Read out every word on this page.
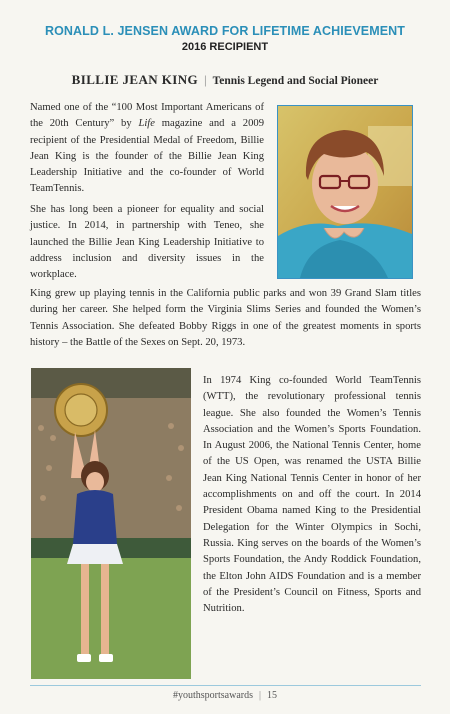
RONALD L. JENSEN AWARD FOR LIFETIME ACHIEVEMENT
2016 RECIPIENT
BILLIE JEAN KING | Tennis Legend and Social Pioneer

Named one of the “100 Most Important Americans of the 20th Century” by Life magazine and a 2009 recipient of the Presidential Medal of Freedom, Billie Jean King is the founder of the Billie Jean King Leadership Initiative and the co-founder of World TeamTennis.

She has long been a pioneer for equality and social justice. In 2014, in partnership with Teneo, she launched the Billie Jean King Leadership Initiative to address inclusion and diversity issues in the workplace.

King grew up playing tennis in the California public parks and won 39 Grand Slam titles during her career. She helped form the Virginia Slims Series and founded the Women’s Tennis Association. She defeated Bobby Riggs in one of the greatest moments in sports history – the Battle of the Sexes on Sept. 20, 1973.

In 1974 King co-founded World TeamTennis (WTT), the revolutionary professional tennis league. She also founded the Women’s Tennis Association and the Women’s Sports Foundation. In August 2006, the National Tennis Center, home of the US Open, was renamed the USTA Billie Jean King National Tennis Center in honor of her accomplishments on and off the court. In 2014 President Obama named King to the Presidential Delegation for the Winter Olympics in Sochi, Russia. King serves on the boards of the Women’s Sports Foundation, the Andy Roddick Foundation, the Elton John AIDS Foundation and is a member of the President’s Council on Fitness, Sports and Nutrition.

#youthsportsawards | 15
